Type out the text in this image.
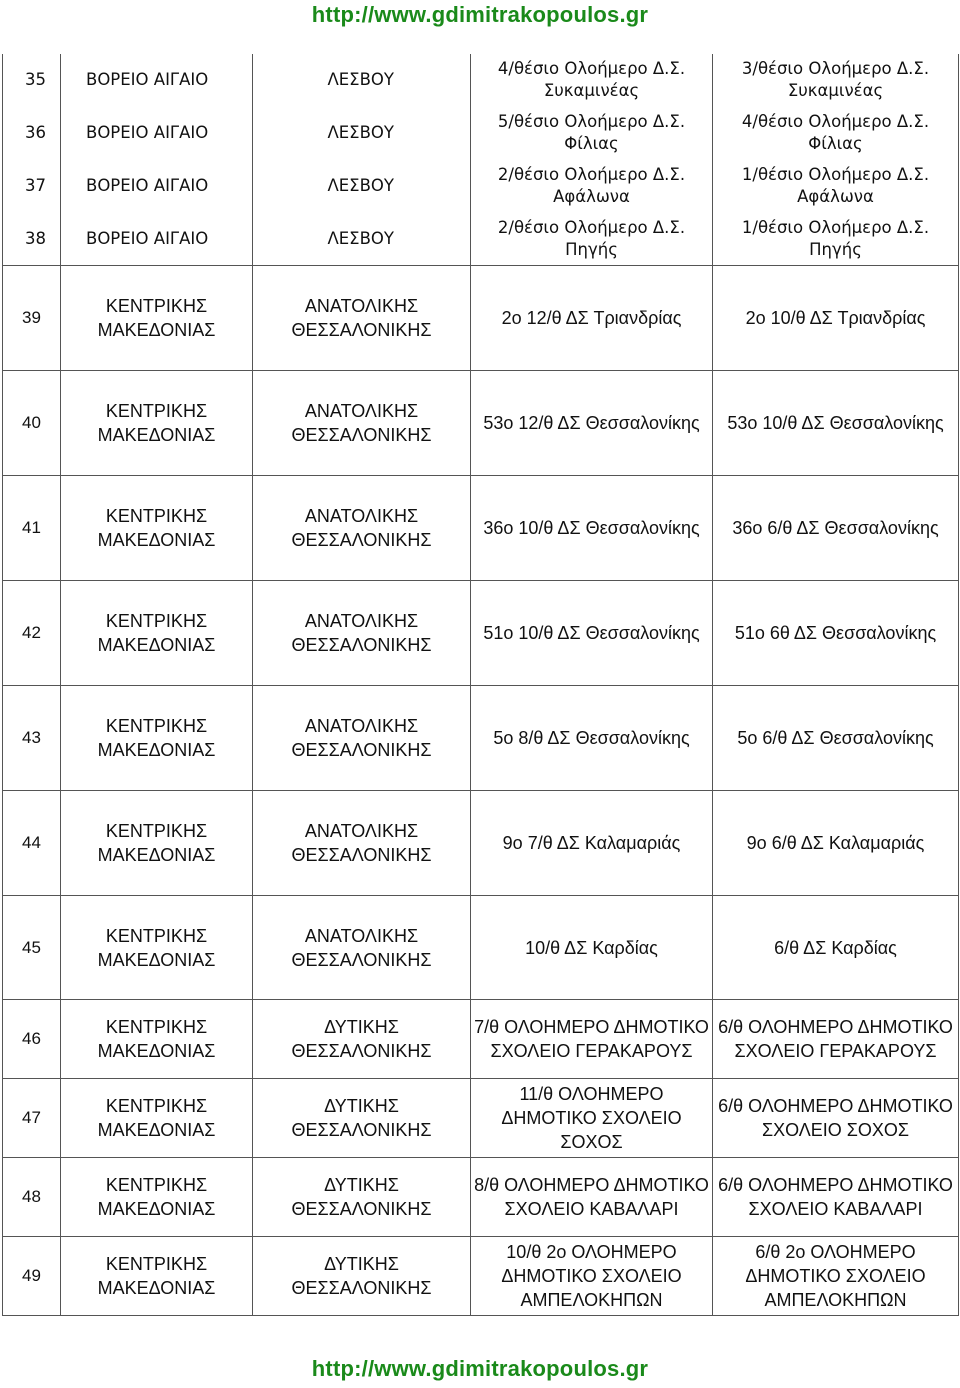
http://www.gdimitrakopoulos.gr
35	ΒΟΡΕΙΟ ΑΙΓΑΙΟ	ΛΕΣΒΟΥ	4/θέσιο Ολοήμερο Δ.Σ. Συκαμινέας	3/θέσιο Ολοήμερο Δ.Σ. Συκαμινέας
36	ΒΟΡΕΙΟ ΑΙΓΑΙΟ	ΛΕΣΒΟΥ	5/θέσιο Ολοήμερο Δ.Σ. Φίλιας	4/θέσιο Ολοήμερο Δ.Σ. Φίλιας
37	ΒΟΡΕΙΟ ΑΙΓΑΙΟ	ΛΕΣΒΟΥ	2/θέσιο Ολοήμερο Δ.Σ. Αφάλωνα	1/θέσιο Ολοήμερο Δ.Σ. Αφάλωνα
38	ΒΟΡΕΙΟ ΑΙΓΑΙΟ	ΛΕΣΒΟΥ	2/θέσιο Ολοήμερο Δ.Σ. Πηγής	1/θέσιο Ολοήμερο Δ.Σ. Πηγής
39	ΚΕΝΤΡΙΚΗΣ ΜΑΚΕΔΟΝΙΑΣ	ΑΝΑΤΟΛΙΚΗΣ ΘΕΣΣΑΛΟΝΙΚΗΣ	2ο 12/θ ΔΣ Τριανδρίας	2ο 10/θ ΔΣ Τριανδρίας
40	ΚΕΝΤΡΙΚΗΣ ΜΑΚΕΔΟΝΙΑΣ	ΑΝΑΤΟΛΙΚΗΣ ΘΕΣΣΑΛΟΝΙΚΗΣ	53ο 12/θ ΔΣ Θεσσαλονίκης	53ο 10/θ ΔΣ Θεσσαλονίκης
41	ΚΕΝΤΡΙΚΗΣ ΜΑΚΕΔΟΝΙΑΣ	ΑΝΑΤΟΛΙΚΗΣ ΘΕΣΣΑΛΟΝΙΚΗΣ	36ο 10/θ ΔΣ Θεσσαλονίκης	36ο 6/θ ΔΣ Θεσσαλονίκης
42	ΚΕΝΤΡΙΚΗΣ ΜΑΚΕΔΟΝΙΑΣ	ΑΝΑΤΟΛΙΚΗΣ ΘΕΣΣΑΛΟΝΙΚΗΣ	51ο 10/θ ΔΣ Θεσσαλονίκης	51ο 6θ ΔΣ Θεσσαλονίκης
43	ΚΕΝΤΡΙΚΗΣ ΜΑΚΕΔΟΝΙΑΣ	ΑΝΑΤΟΛΙΚΗΣ ΘΕΣΣΑΛΟΝΙΚΗΣ	5ο 8/θ ΔΣ Θεσσαλονίκης	5ο 6/θ ΔΣ Θεσσαλονίκης
44	ΚΕΝΤΡΙΚΗΣ ΜΑΚΕΔΟΝΙΑΣ	ΑΝΑΤΟΛΙΚΗΣ ΘΕΣΣΑΛΟΝΙΚΗΣ	9ο 7/θ ΔΣ Καλαμαριάς	9ο 6/θ ΔΣ Καλαμαριάς
45	ΚΕΝΤΡΙΚΗΣ ΜΑΚΕΔΟΝΙΑΣ	ΑΝΑΤΟΛΙΚΗΣ ΘΕΣΣΑΛΟΝΙΚΗΣ	10/θ ΔΣ Καρδίας	6/θ ΔΣ Καρδίας
46	ΚΕΝΤΡΙΚΗΣ ΜΑΚΕΔΟΝΙΑΣ	ΔΥΤΙΚΗΣ ΘΕΣΣΑΛΟΝΙΚΗΣ	7/θ ΟΛΟΗΜΕΡΟ ΔΗΜΟΤΙΚΟ ΣΧΟΛΕΙΟ ΓΕΡΑΚΑΡΟΥΣ	6/θ ΟΛΟΗΜΕΡΟ ΔΗΜΟΤΙΚΟ ΣΧΟΛΕΙΟ ΓΕΡΑΚΑΡΟΥΣ
47	ΚΕΝΤΡΙΚΗΣ ΜΑΚΕΔΟΝΙΑΣ	ΔΥΤΙΚΗΣ ΘΕΣΣΑΛΟΝΙΚΗΣ	11/θ ΟΛΟΗΜΕΡΟ ΔΗΜΟΤΙΚΟ ΣΧΟΛΕΙΟ ΣΟΧΟΣ	6/θ ΟΛΟΗΜΕΡΟ ΔΗΜΟΤΙΚΟ ΣΧΟΛΕΙΟ ΣΟΧΟΣ
48	ΚΕΝΤΡΙΚΗΣ ΜΑΚΕΔΟΝΙΑΣ	ΔΥΤΙΚΗΣ ΘΕΣΣΑΛΟΝΙΚΗΣ	8/θ ΟΛΟΗΜΕΡΟ ΔΗΜΟΤΙΚΟ ΣΧΟΛΕΙΟ ΚΑΒΑΛΑΡΙ	6/θ ΟΛΟΗΜΕΡΟ ΔΗΜΟΤΙΚΟ ΣΧΟΛΕΙΟ ΚΑΒΑΛΑΡΙ
49	ΚΕΝΤΡΙΚΗΣ ΜΑΚΕΔΟΝΙΑΣ	ΔΥΤΙΚΗΣ ΘΕΣΣΑΛΟΝΙΚΗΣ	10/θ 2ο ΟΛΟΗΜΕΡΟ ΔΗΜΟΤΙΚΟ ΣΧΟΛΕΙΟ ΑΜΠΕΛΟΚΗΠΩΝ	6/θ 2ο ΟΛΟΗΜΕΡΟ ΔΗΜΟΤΙΚΟ ΣΧΟΛΕΙΟ ΑΜΠΕΛΟΚΗΠΩΝ
http://www.gdimitrakopoulos.gr
